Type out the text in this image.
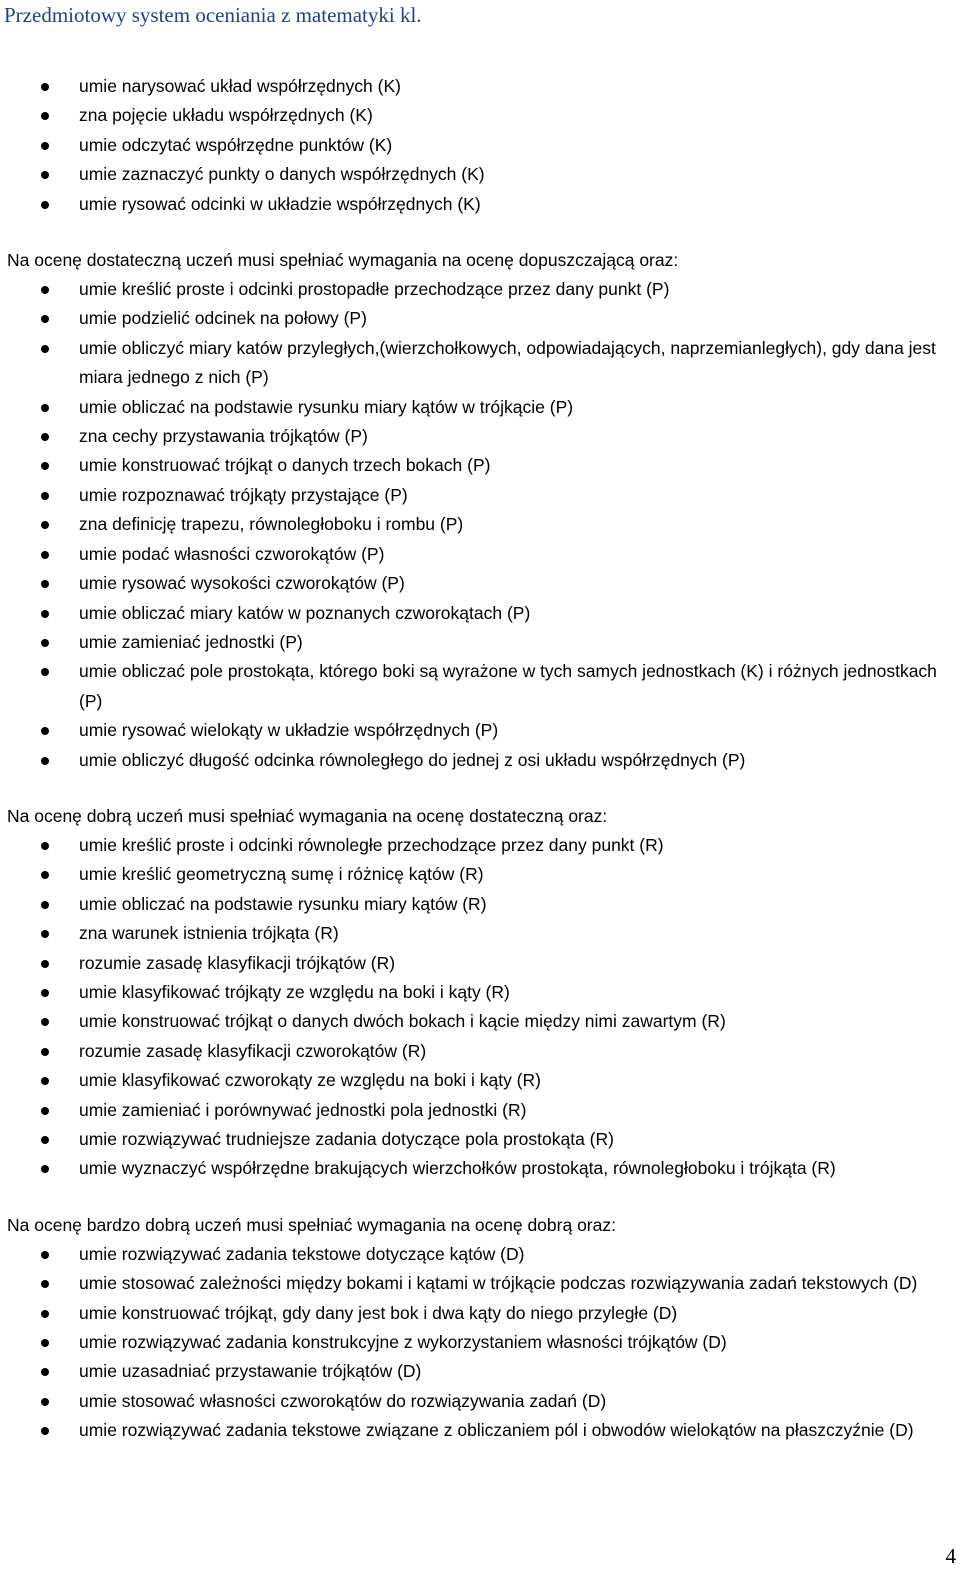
Przedmiotowy system oceniania z matematyki kl.
umie narysować układ współrzędnych (K)
zna pojęcie układu współrzędnych (K)
umie odczytać współrzędne punktów (K)
umie zaznaczyć punkty o danych współrzędnych (K)
umie rysować odcinki w układzie współrzędnych (K)

Na ocenę dostateczną uczeń musi spełniać wymagania na ocenę dopuszczającą oraz:

umie kreślić proste i odcinki prostopadłe przechodzące przez dany punkt (P)
umie podzielić odcinek na połowy (P)
umie obliczyć miary katów przyległych,(wierzchołkowych, odpowiadających, naprzemianległych), gdy dana jest miara jednego z nich (P)
umie obliczać na podstawie rysunku miary kątów w trójkącie (P)
zna cechy przystawania trójkątów (P)
umie konstruować trójkąt o danych trzech bokach (P)
umie rozpoznawać trójkąty przystające (P)
zna definicję trapezu, równoległoboku i rombu (P)
umie podać własności czworokątów (P)
umie rysować wysokości czworokątów (P)
umie obliczać miary katów w poznanych czworokątach (P)
umie zamieniać jednostki (P)
umie obliczać pole prostokąta, którego boki są wyrażone w tych samych jednostkach (K) i różnych jednostkach (P)
umie rysować wielokąty w układzie współrzędnych (P)
umie obliczyć długość odcinka równoległego do jednej z osi układu współrzędnych (P)

Na ocenę dobrą uczeń musi spełniać wymagania na ocenę dostateczną oraz:

umie kreślić proste i odcinki równoległe przechodzące przez dany punkt (R)
umie kreślić geometryczną sumę i różnicę kątów (R)
umie obliczać na podstawie rysunku miary kątów (R)
zna warunek istnienia trójkąta (R)
rozumie zasadę klasyfikacji trójkątów (R)
umie klasyfikować trójkąty ze względu na boki i kąty (R)
umie konstruować trójkąt o danych dwóch bokach i kącie między nimi zawartym (R)
rozumie zasadę klasyfikacji czworokątów (R)
umie klasyfikować czworokąty ze względu na boki i kąty (R)
umie zamieniać i porównywać jednostki pola jednostki (R)
umie rozwiązywać trudniejsze zadania dotyczące pola prostokąta (R)
umie wyznaczyć współrzędne brakujących wierzchołków prostokąta, równoległoboku i trójkąta (R)

Na ocenę bardzo dobrą uczeń musi spełniać wymagania na ocenę dobrą oraz:

umie rozwiązywać zadania tekstowe dotyczące kątów (D)
umie stosować zależności między bokami i kątami w trójkącie podczas rozwiązywania zadań tekstowych (D)
umie konstruować trójkąt, gdy dany jest bok i dwa kąty do niego przyległe (D)
umie rozwiązywać zadania konstrukcyjne z wykorzystaniem własności trójkątów (D)
umie uzasadniać przystawanie trójkątów (D)
umie stosować własności czworokątów do rozwiązywania zadań (D)
umie rozwiązywać zadania tekstowe związane z obliczaniem pól i obwodów wielokątów na płaszczyźnie (D)
4
